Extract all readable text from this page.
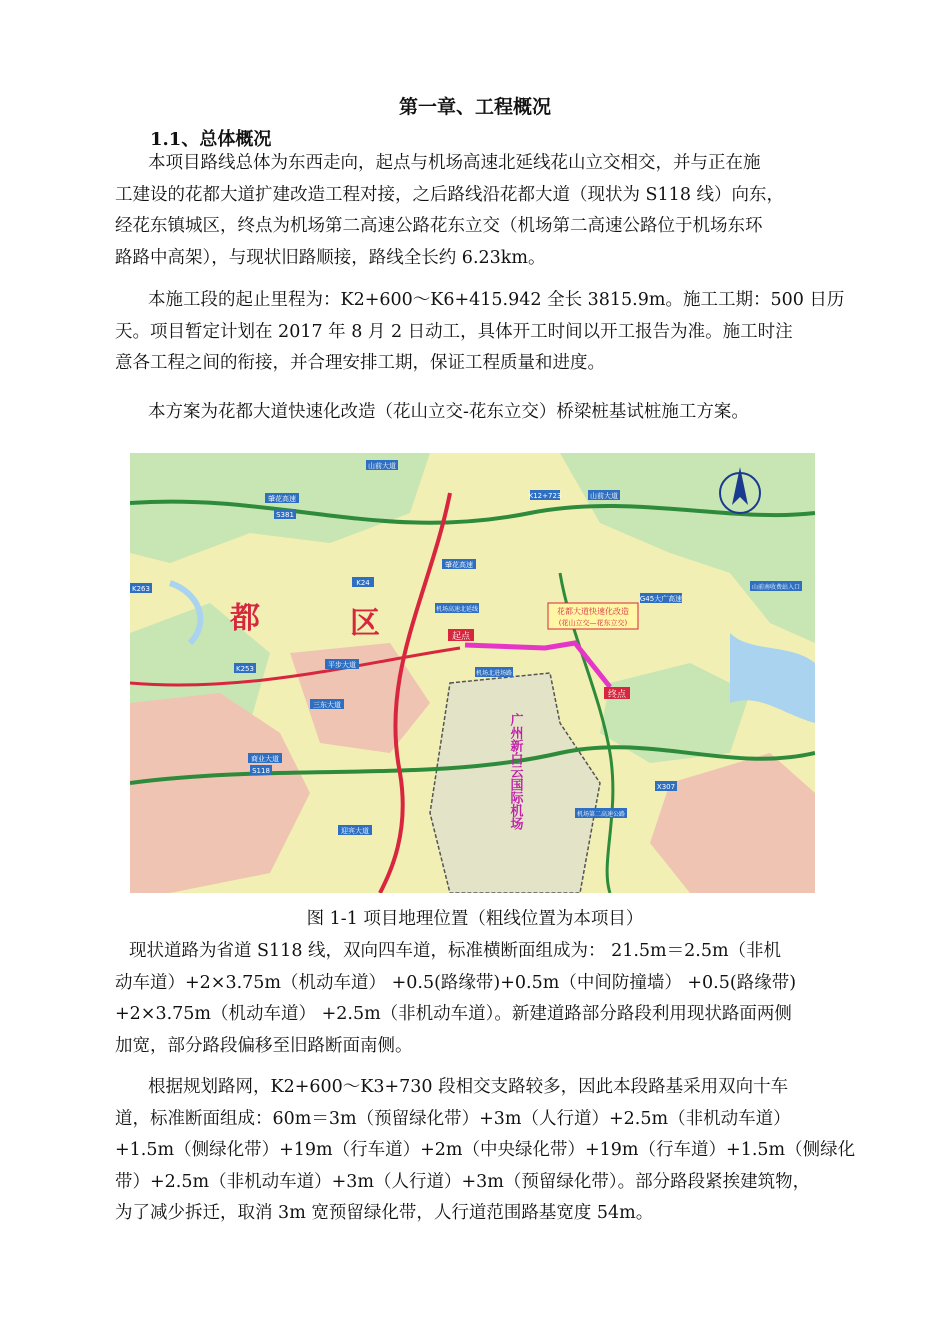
第一章、工程概况
1.1、总体概况
本项目路线总体为东西走向，起点与机场高速北延线花山立交相交，并与正在施
工建设的花都大道扩建改造工程对接，之后路线沿花都大道（现状为 S118 线）向东，
经花东镇城区，终点为机场第二高速公路花东立交（机场第二高速公路位于机场东环
路路中高架），与现状旧路顺接，路线全长约 6.23km。
本施工段的起止里程为：K2+600～K6+415.942 全长 3815.9m。施工工期：500 日历
天。项目暂定计划在 2017 年 8 月 2 日动工，具体开工时间以开工报告为准。施工时注
意各工程之间的衔接，并合理安排工期，保证工程质量和进度。
本方案为花都大道快速化改造（花山立交-花东立交）桥梁桩基试桩施工方案。
起点
终点
花都大道快速化改造
(花山立交—花东立交)
都	区
广州新白云国际机场
山前大道
肇花高速	山前大道
K12+723
肇花高速
机场高速北延线
机场第二高速公路
G45大广高速
平步大道
三东大道
商业大道
迎宾大道
S118
S381
K24
K253
K263
X307
机场北进场路
山前南收费站入口
图 1-1 项目地理位置（粗线位置为本项目）
现状道路为省道 S118 线，双向四车道，标准横断面组成为： 21.5m＝2.5m（非机
动车道）+2×3.75m（机动车道） +0.5(路缘带)+0.5m（中间防撞墙） +0.5(路缘带)
+2×3.75m（机动车道） +2.5m（非机动车道）。新建道路部分路段利用现状路面两侧
加宽，部分路段偏移至旧路断面南侧。
根据规划路网，K2+600～K3+730 段相交支路较多，因此本段路基采用双向十车
道，标准断面组成：60m＝3m（预留绿化带）+3m（人行道）+2.5m（非机动车道）
+1.5m（侧绿化带）+19m（行车道）+2m（中央绿化带）+19m（行车道）+1.5m（侧绿化
带）+2.5m（非机动车道）+3m（人行道）+3m（预留绿化带）。部分路段紧挨建筑物，
为了减少拆迁，取消 3m 宽预留绿化带，人行道范围路基宽度 54m。
